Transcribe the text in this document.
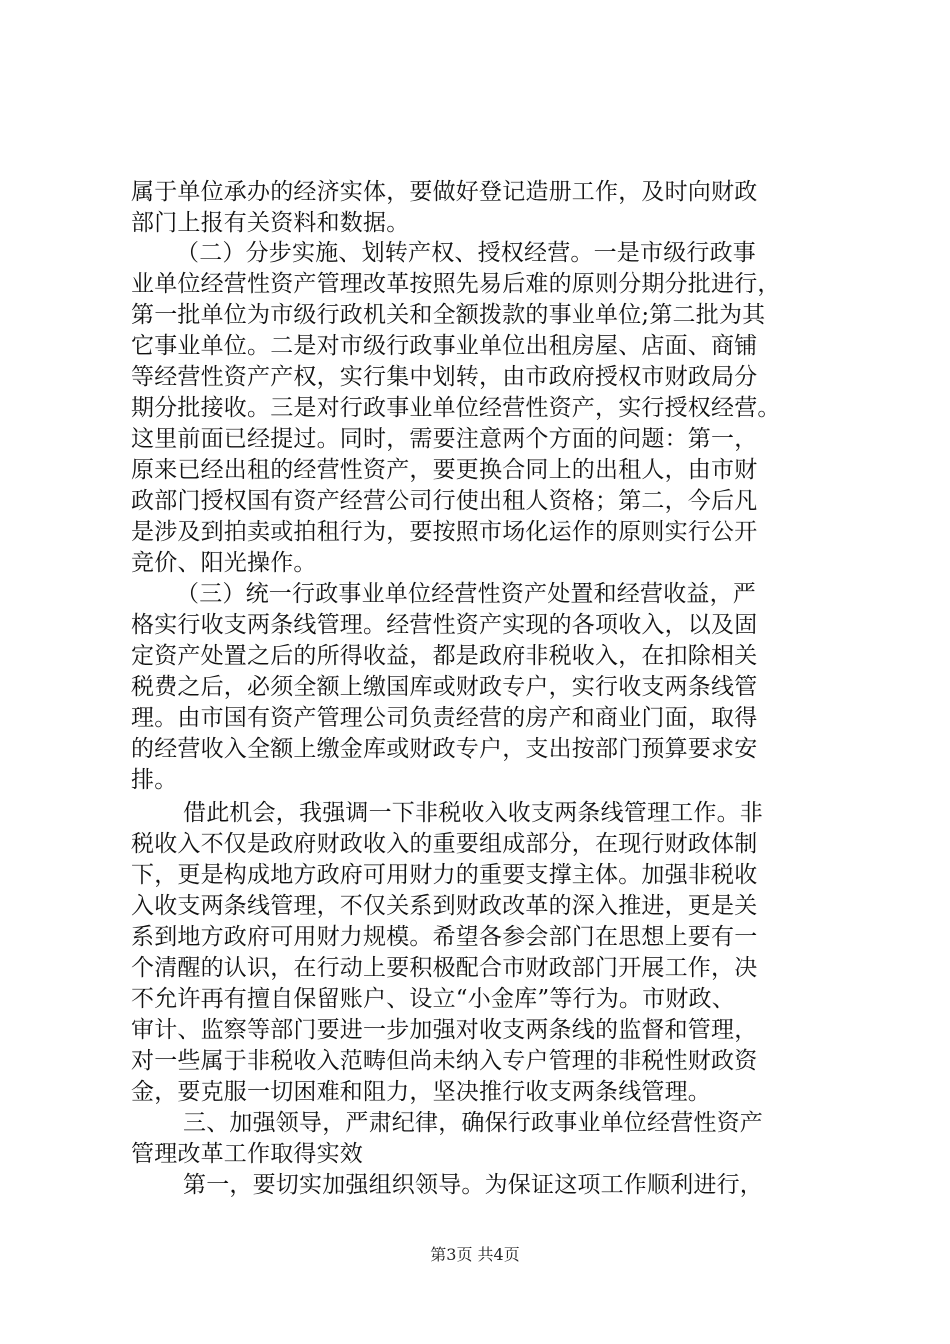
属于单位承办的经济实体，要做好登记造册工作，及时向财政
部门上报有关资料和数据。
（二）分步实施、划转产权、授权经营。一是市级行政事
业单位经营性资产管理改革按照先易后难的原则分期分批进行，
第一批单位为市级行政机关和全额拨款的事业单位;第二批为其
它事业单位。二是对市级行政事业单位出租房屋、店面、商铺
等经营性资产产权，实行集中划转，由市政府授权市财政局分
期分批接收。三是对行政事业单位经营性资产，实行授权经营。
这里前面已经提过。同时，需要注意两个方面的问题：第一，
原来已经出租的经营性资产，要更换合同上的出租人，由市财
政部门授权国有资产经营公司行使出租人资格；第二，今后凡
是涉及到拍卖或拍租行为，要按照市场化运作的原则实行公开
竞价、阳光操作。
（三）统一行政事业单位经营性资产处置和经营收益，严
格实行收支两条线管理。经营性资产实现的各项收入，以及固
定资产处置之后的所得收益，都是政府非税收入，在扣除相关
税费之后，必须全额上缴国库或财政专户，实行收支两条线管
理。由市国有资产管理公司负责经营的房产和商业门面，取得
的经营收入全额上缴金库或财政专户，支出按部门预算要求安
排。
借此机会，我强调一下非税收入收支两条线管理工作。非
税收入不仅是政府财政收入的重要组成部分，在现行财政体制
下，更是构成地方政府可用财力的重要支撑主体。加强非税收
入收支两条线管理，不仅关系到财政改革的深入推进，更是关
系到地方政府可用财力规模。希望各参会部门在思想上要有一
个清醒的认识，在行动上要积极配合市财政部门开展工作，决
不允许再有擅自保留账户、设立“小金库”等行为。市财政、
审计、监察等部门要进一步加强对收支两条线的监督和管理，
对一些属于非税收入范畴但尚未纳入专户管理的非税性财政资
金，要克服一切困难和阻力，坚决推行收支两条线管理。
三、加强领导，严肃纪律，确保行政事业单位经营性资产
管理改革工作取得实效
第一，要切实加强组织领导。为保证这项工作顺利进行，
第3页 共4页
